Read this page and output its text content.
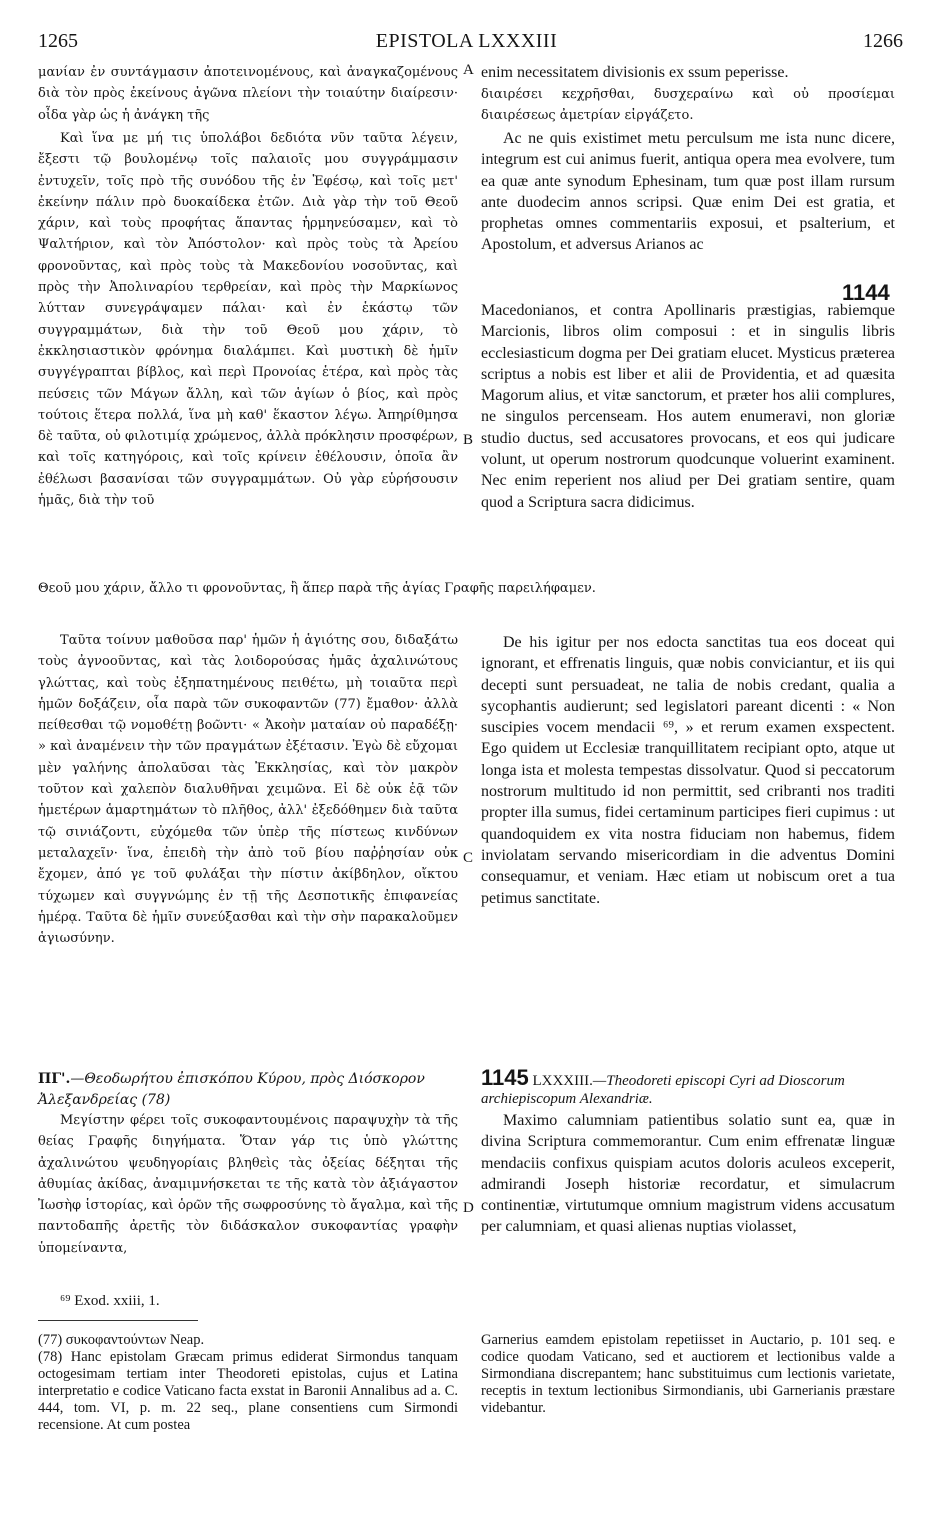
1265	EPISTOLA LXXXIII	1266

μανίαν ἐν συντάγμασιν ἀποτεινομένους, καὶ ἀναγκαζομένους διὰ τὸν πρὸς ἐκείνους ἀγῶνα πλείονι τὴν τοιαύτην διαίρεσιν· οἶδα γὰρ ὡς ἡ ἀνάγκη τῆς

A enim necessitatem divisionis ex ssum peperisse.

διαιρέσει κεχρῆσθαι, δυσχεραίνω καὶ οὐ προσίεμαι διαιρέσεως ἀμετρίαν εἰργάζετο.

Καὶ ἵνα με μή τις ὑπολάβοι δεδιότα νῦν ταῦτα λέγειν, ἔξεστι τῷ βουλομένῳ τοῖς παλαιοῖς μου συγγράμμασιν ἐντυχεῖν, τοῖς πρὸ τῆς συνόδου τῆς ἐν Ἐφέσῳ, καὶ τοῖς μετ' ἐκείνην πάλιν πρὸ δυοκαίδεκα ἐτῶν. Διὰ γὰρ τὴν τοῦ Θεοῦ χάριν, καὶ τοὺς προφήτας ἅπαντας ἡρμηνεύσαμεν, καὶ τὸ Ψαλτήριον, καὶ τὸν Ἀπόστολον· καὶ πρὸς τοὺς τὰ Ἀρείου φρονοῦντας, καὶ πρὸς τοὺς τὰ Μακεδονίου νοσοῦντας, καὶ πρὸς τὴν Ἀπολιναρίου τερθρείαν, καὶ πρὸς τὴν Μαρκίωνος λύτταν συνεγράψαμεν πάλαι· καὶ ἐν ἑκάστῳ τῶν συγγραμμάτων, διὰ τὴν τοῦ Θεοῦ μου χάριν, τὸ ἐκκλησιαστικὸν φρόνημα διαλάμπει. Καὶ μυστικὴ δὲ ἡμῖν συγγέγραπται βίβλος, καὶ περὶ Προνοίας ἑτέρα, καὶ πρὸς τὰς πεύσεις τῶν Μάγων ἄλλη, καὶ τῶν ἁγίων ὁ βίος, καὶ πρὸς τούτοις ἕτερα πολλά, ἵνα μὴ καθ' ἕκαστον λέγω. Ἀπηρίθμησα δὲ ταῦτα, οὐ φιλοτιμίᾳ χρώμενος, ἀλλὰ πρόκλησιν προσφέρων, καὶ τοῖς κατηγόροις, καὶ τοῖς κρίνειν ἐθέλουσιν, ὁποῖα ἂν ἐθέλωσι βασανίσαι τῶν συγγραμμάτων. Οὐ γὰρ εὑρήσουσιν ἡμᾶς, διὰ τὴν τοῦ

B

Ac ne quis existimet metu perculsum me ista nunc dicere, integrum est cui animus fuerit, antiqua opera mea evolvere, tum ea quæ ante synodum Ephesinam, tum quæ post illam rursum ante duodecim annos scripsi. Quæ enim Dei est gratia, et prophetas omnes commentariis exposui, et psalterium, et Apostolum, et adversus Arianos ac

1144

Macedonianos, et contra Apollinaris præstigias, rabiemque Marcionis, libros olim composui : et in singulis libris ecclesiasticum dogma per Dei gratiam elucet. Mysticus præterea scriptus a nobis est liber et alii de Providentia, et ad quæsita Magorum alius, et vitæ sanctorum, et præter hos alii complures, ne singulos percenseam. Hos autem enumeravi, non gloriæ studio ductus, sed accusatores provocans, et eos qui judicare volunt, ut operum nostrorum quodcunque voluerint examinent. Nec enim reperient nos aliud per Dei gratiam sentire, quam quod a Scriptura sacra didicimus.

Θεοῦ μου χάριν, ἄλλο τι φρονοῦντας, ἢ ἅπερ παρὰ τῆς ἁγίας Γραφῆς παρειλήφαμεν.

Ταῦτα τοίνυν μαθοῦσα παρ' ἡμῶν ἡ ἁγιότης σου, διδαξάτω τοὺς ἀγνοοῦντας, καὶ τὰς λοιδορούσας ἡμᾶς ἀχαλινώτους γλώττας, καὶ τοὺς ἐξηπατημένους πειθέτω, μὴ τοιαῦτα περὶ ἡμῶν δοξάζειν, οἷα παρὰ τῶν συκοφαντῶν (77) ἔμαθον· ἀλλὰ πείθεσθαι τῷ νομοθέτῃ βοῶντι· « Ἀκοὴν ματαίαν οὐ παραδέξῃ· » καὶ ἀναμένειν τὴν τῶν πραγμάτων ἐξέτασιν. Ἐγὼ δὲ εὔχομαι μὲν γαλήνης ἀπολαῦσαι τὰς Ἐκκλησίας, καὶ τὸν μακρὸν τοῦτον καὶ χαλεπὸν διαλυθῆναι χειμῶνα. Εἰ δὲ οὐκ ἐᾷ τῶν ἡμετέρων ἁμαρτημάτων τὸ πλῆθος, ἀλλ' ἐξεδόθημεν διὰ ταῦτα τῷ σινιάζοντι, εὐχόμεθα τῶν ὑπὲρ τῆς πίστεως κινδύνων μεταλαχεῖν· ἵνα, ἐπειδὴ τὴν ἀπὸ τοῦ βίου παῤῥησίαν οὐκ ἔχομεν, ἀπό γε τοῦ φυλάξαι τὴν πίστιν ἀκίβδηλον, οἴκτου τύχωμεν καὶ συγγνώμης ἐν τῇ τῆς Δεσποτικῆς ἐπιφανείας ἡμέρᾳ. Ταῦτα δὲ ἡμῖν συνεύξασθαι καὶ τὴν σὴν παρακαλοῦμεν ἁγιωσύνην.

C

De his igitur per nos edocta sanctitas tua eos doceat qui ignorant, et effrenatis linguis, quæ nobis conviciantur, et iis qui decepti sunt persuadeat, ne talia de nobis credant, qualia a sycophantis audierunt; sed legislatori pareant dicenti : « Non suscipies vocem mendacii ⁶⁹, » et rerum examen exspectent. Ego quidem ut Ecclesiæ tranquillitatem recipiant opto, atque ut longa ista et molesta tempestas dissolvatur. Quod si peccatorum nostrorum multitudo id non permittit, sed cribranti nos traditi propter illa sumus, fidei certaminum participes fieri cupimus : ut quandoquidem ex vita nostra fiduciam non habemus, fidem inviolatam servando misericordiam in die adventus Domini consequamur, et veniam. Hæc etiam ut nobiscum oret a tua petimus sanctitate.

ΠΓ'.—Θεοδωρήτου ἐπισκόπου Κύρου, πρὸς Διόσκορον Ἀλεξανδρείας (78)
1145 LXXXIII.—Theodoreti episcopi Cyri ad Dioscorum archiepiscopum Alexandriæ.

Μεγίστην φέρει τοῖς συκοφαντουμένοις παραψυχὴν τὰ τῆς θείας Γραφῆς διηγήματα. Ὅταν γάρ τις ὑπὸ γλώττης ἀχαλινώτου ψευδηγορίαις βληθεὶς τὰς ὀξείας δέξηται τῆς ἀθυμίας ἀκίδας, ἀναμιμνήσκεται τε τῆς κατὰ τὸν ἀξιάγαστον Ἰωσὴφ ἱστορίας, καὶ ὁρῶν τῆς σωφροσύνης τὸ ἄγαλμα, καὶ τῆς παντοδαπῆς ἀρετῆς τὸν διδάσκαλον συκοφαντίας γραφὴν ὑπομείναντα,

D

Maximo calumniam patientibus solatio sunt ea, quæ in divina Scriptura commemorantur. Cum enim effrenatæ linguæ mendaciis confixus quispiam acutos doloris aculeos exceperit, admirandi Joseph historiæ recordatur, et simulacrum continentiæ, virtutumque omnium magistrum videns accusatum per calumniam, et quasi alienas nuptias violasset,

⁶⁹ Exod. xxiii, 1.

(77) συκοφαντούντων Neap.

(78) Hanc epistolam Græcam primus ediderat Sirmondus tanquam octogesimam tertiam inter Theodoreti epistolas, cujus et Latina interpretatio e codice Vaticano facta exstat in Baronii Annalibus ad a. C. 444, tom. VI, p. m. 22 seq., plane consentiens cum Sirmondi recensione. At cum postea

Garnerius eamdem epistolam repetiisset in Auctario, p. 101 seq. e codice quodam Vaticano, sed et auctiorem et lectionibus valde a Sirmondiana discrepantem; hanc substituimus cum lectionis varietate, receptis in textum lectionibus Sirmondianis, ubi Garnerianis præstare videbantur.
